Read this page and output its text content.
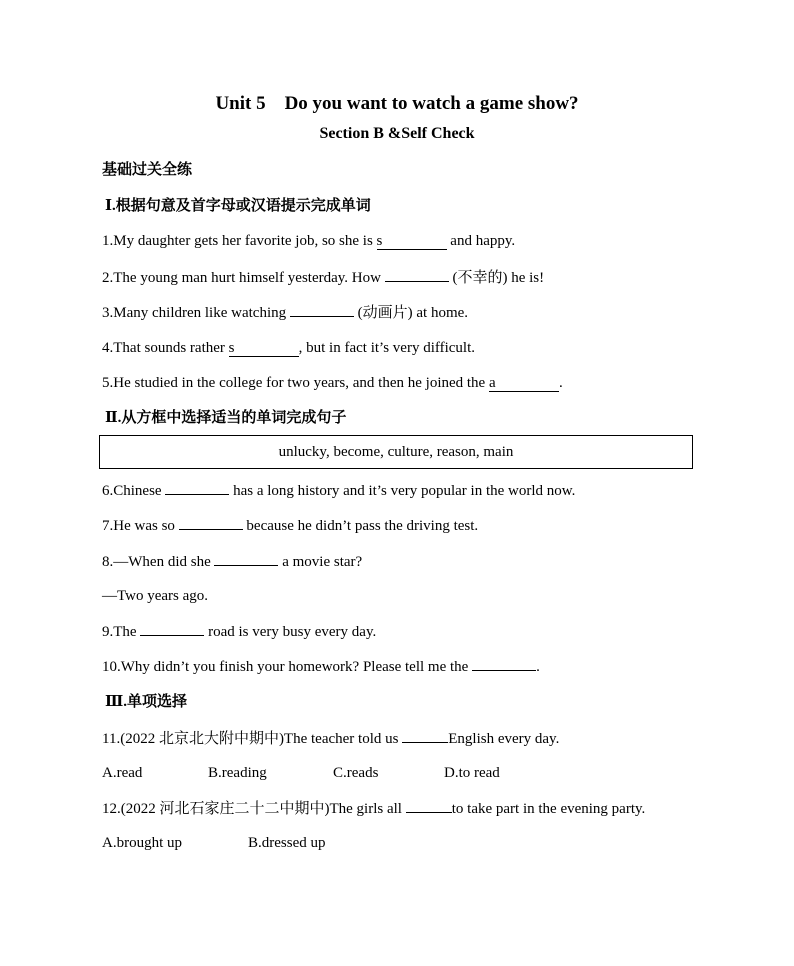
Unit 5　Do you want to watch a game show?
Section B &Self Check
基础过关全练
Ⅰ.根据句意及首字母或汉语提示完成单词
1.My daughter gets her favorite job, so she is s	and happy.
2.The young man hurt himself yesterday. How	(不幸的) he is!
3.Many children like watching	(动画片) at home.
4.That sounds rather s	, but in fact it’s very difficult.
5.He studied in the college for two years, and then he joined the a	.
Ⅱ.从方框中选择适当的单词完成句子
unlucky, become, culture, reason, main
6.Chinese	has a long history and it’s very popular in the world now.
7.He was so	because he didn’t pass the driving test.
8.—When did she	a movie star?
—Two years ago.
9.The	road is very busy every day.
10.Why didn’t you finish your homework? Please tell me the	.
Ⅲ.单项选择
11.(2022 北京北大附中期中)The teacher told us	English every day.
A.read	B.reading	C.reads	D.to read
12.(2022 河北石家庄二十二中期中)The girls all	to take part in the evening party.
A.brought up	B.dressed up
